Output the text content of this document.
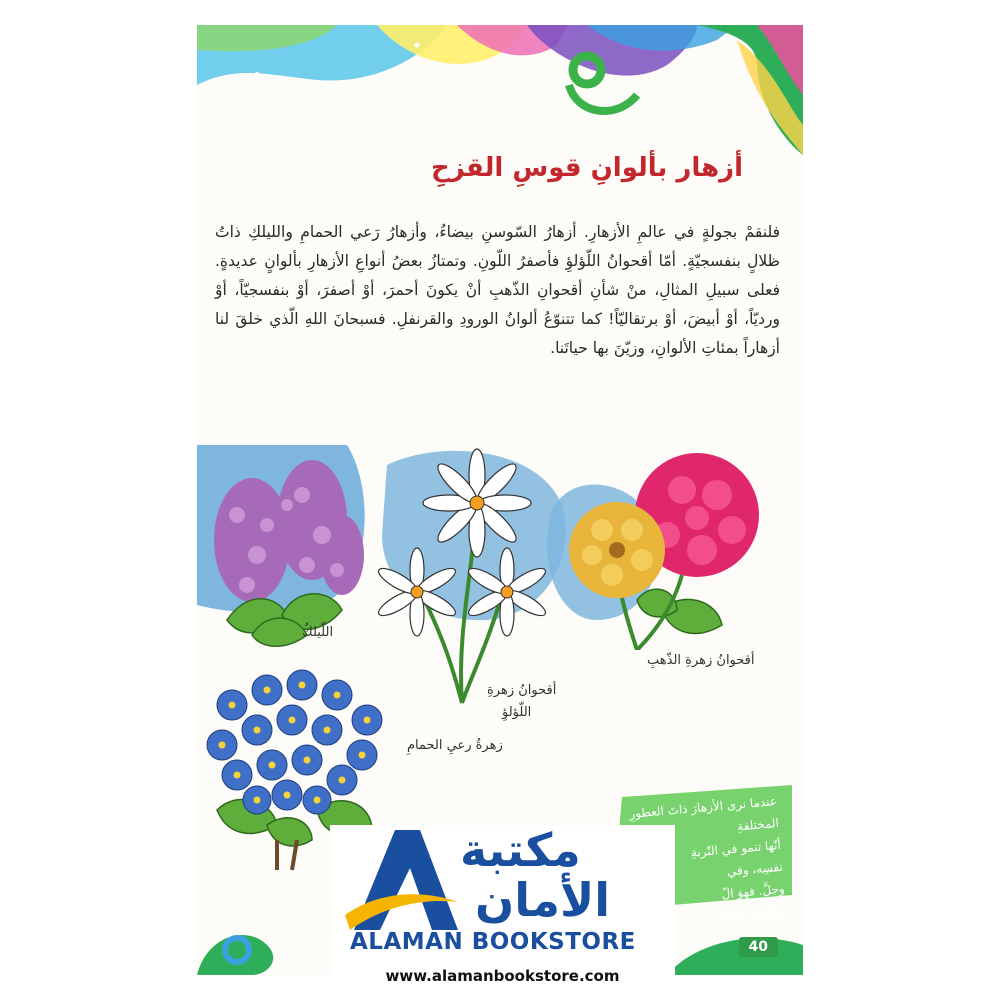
أزهار بألوانِ قوسِ القزحِ
فلنقمْ بجولةٍ في عالمِ الأزهارِ. أزهارُ السّوسنِ بيضاءُ، وأزهارُ رَعي الحمامِ والليلكِ ذاتُ ظلالٍ بنفسجيّةٍ. أمّا أقحوانُ اللّؤلؤِ فأصفرُ اللّونِ. وتمتازُ بعضُ أنواعِ الأزهارِ بألوانٍ عديدةٍ. فعلى سبيلِ المثالِ، منْ شأنِ أقحوانِ الذّهبِ أنْ يكونَ أحمرَ، أوْ أصفرَ، أوْ بنفسجيّاً، أوْ ورديّاً، أوْ أبيضَ، أوْ برتقاليّاً! كما تتنوّعُ ألوانُ الورودِ والقرنفلِ. فسبحانَ اللهِ الّذي خلقَ لنا أزهاراً بمئاتِ الألوانِ، وزيّنَ بها حياتَنا.
اللّيلكُ
أقحوانُ زهرةِ
اللّؤلؤِ
أقحوانُ زهرةِ الذّهبِ
زهرةُ رعيِ الحمامِ
عندما نرى الأزهارَ ذاتَ العطورِ المختلفةِ
أنّها تنمو في التّربةِ
نفسِه، وفي
وجلَّ. فهوَ الّ
والألوانِ الخلّا
40
مكتبة
الأمان
ALAMAN BOOKSTORE
www.alamanbookstore.com
